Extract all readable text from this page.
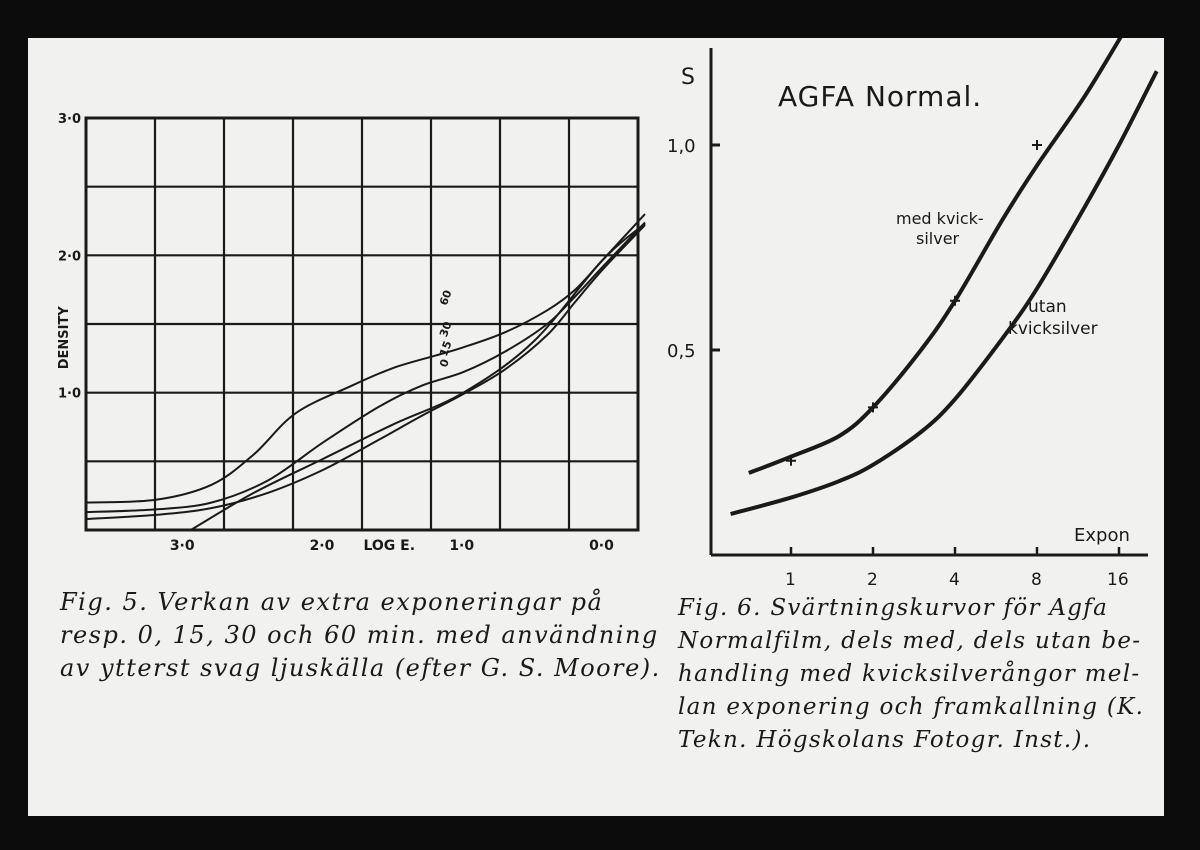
60
30
15
0
3·0	2·0	1·0	0·0
LOG E.
1·0
2·0
3·0
DENSITY
1	2	4	8	16
0,5
1,0
S
Expon
AGFA Normal.
med kvick-
silver
utan
kvicksilver
Fig. 5. Verkan av extra exponeringar på
resp. 0, 15, 30 och 60 min. med användning
av ytterst svag ljuskälla (efter G. S. Moore).
Fig. 6. Svärtningskurvor för Agfa
Normalfilm, dels med, dels utan be-
handling med kvicksilverångor mel-
lan exponering och framkallning (K.
Tekn. Högskolans Fotogr. Inst.).
